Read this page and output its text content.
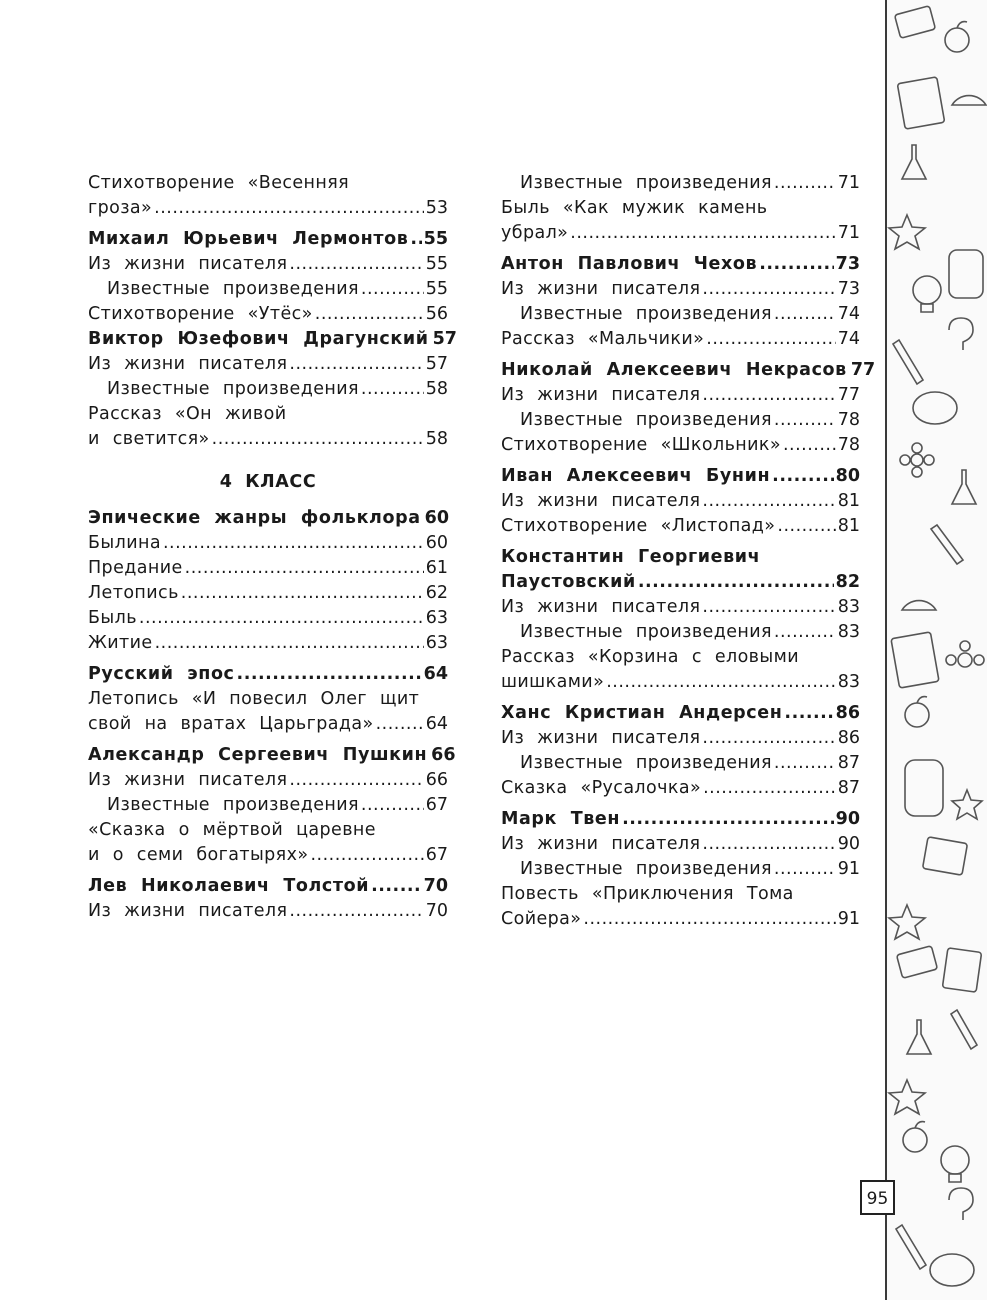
Стихотворение «Весенняя
гроза» .....	53
Михаил Юрьевич Лермонтов ..... 55
Из жизни писателя .....	55
Известные произведения .....	55
Стихотворение «Утёс» .....	56
Виктор Юзефович Драгунский 57
Из жизни писателя .....	57
Известные произведения .....	58
Рассказ «Он живой
и светится» .....	58
4 КЛАСС
Эпические жанры фольклора 60
Былина .....	60
Предание .....	61
Летопись .....	62
Быль .....	63
Житие .....	63
Русский эпос .....	64
Летопись «И повесил Олег щит
свой на вратах Царьграда» .....	64
Александр Сергеевич Пушкин 66
Из жизни писателя .....	66
Известные произведения .....	67
«Сказка о мёртвой царевне
и о семи богатырях» .....	67
Лев Николаевич Толстой .....	70
Из жизни писателя .....	70
Известные произведения .....	71
Быль «Как мужик камень
убрал» .....	71
Антон Павлович Чехов .....	73
Из жизни писателя .....	73
Известные произведения .....	74
Рассказ «Мальчики» .....	74
Николай Алексеевич Некрасов 77
Из жизни писателя .....	77
Известные произведения .....	78
Стихотворение «Школьник» .....	78
Иван Алексеевич Бунин .....	80
Из жизни писателя .....	81
Стихотворение «Листопад» .....	81
Константин Георгиевич
Паустовский .....	82
Из жизни писателя .....	83
Известные произведения .....	83
Рассказ «Корзина с еловыми
шишками» .....	83
Ханс Кристиан Андерсен .....	86
Из жизни писателя .....	86
Известные произведения .....	87
Сказка «Русалочка» .....	87
Марк Твен .....	90
Из жизни писателя .....	90
Известные произведения .....	91
Повесть «Приключения Тома
Сойера» .....	91
95
